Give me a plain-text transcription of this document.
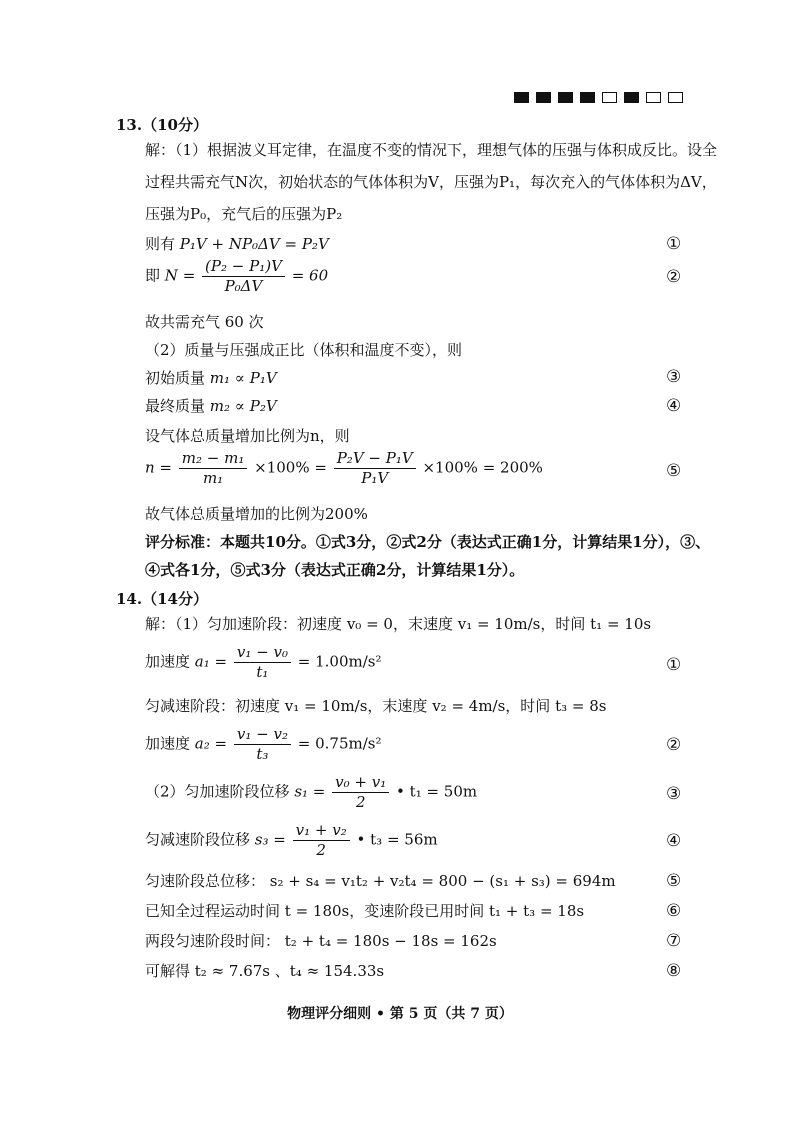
13.（10分）
解：（1）根据波义耳定律，在温度不变的情况下，理想气体的压强与体积成反比。设全
过程共需充气N次，初始状态的气体体积为V，压强为P₁，每次充入的气体体积为ΔV，
压强为P₀，充气后的压强为P₂
则有 P₁V + NP₀ΔV = P₂V	①
即 $N = \frac{\text{(P₂ − P₁)V}}{\text{P₀ΔV}} = 60$	②
故共需充气 60 次
（2）质量与压强成正比（体积和温度不变），则
初始质量 m₁ ∝ P₁V	③
最终质量 m₂ ∝ P₂V	④
设气体总质量增加比例为n，则
$n = \frac{\text{m₂ − m₁}}{\text{m₁}} \times 100\% = \frac{\text{P₂V − P₁V}}{\text{P₁V}} \times 100\% = 200\%$	⑤
故气体总质量增加的比例为200%
评分标准：本题共10分。①式3分，②式2分（表达式正确1分，计算结果1分），③、
④式各1分，⑤式3分（表达式正确2分，计算结果1分）。
14.（14分）
解：（1）匀加速阶段：初速度 v₀ = 0，末速度 v₁ = 10m/s，时间 t₁ = 10s
加速度 $a_1 = \frac{\text{v₁ − v₀}}{\text{t₁}} = 1.00m/s^2$	①
匀减速阶段：初速度 v₁ = 10m/s，末速度 v₂ = 4m/s，时间 t₃ = 8s
加速度 $a_2 = \frac{\text{v₁ − v₂}}{\text{t₃}} = 0.75m/s^2$	②
（2）匀加速阶段位移 $s_1 = \frac{\text{v₀ + v₁}}{2}$ • t₁ = 50m	③
匀减速阶段位移 $s_3 = \frac{\text{v₁ + v₂}}{2}$ • t₃ = 56m	④
匀速阶段总位移： s₂ + s₄ = v₁t₂ + v₂t₄ = 800 − (s₁ + s₃) = 694m	⑤
已知全过程运动时间 t = 180s，变速阶段已用时间 t₁ + t₃ = 18s	⑥
两段匀速阶段时间： t₂ + t₄ = 180s − 18s = 162s	⑦
可解得 t₂ ≈ 7.67s 、t₄ ≈ 154.33s	⑧
物理评分细则 • 第 5 页（共 7 页）
